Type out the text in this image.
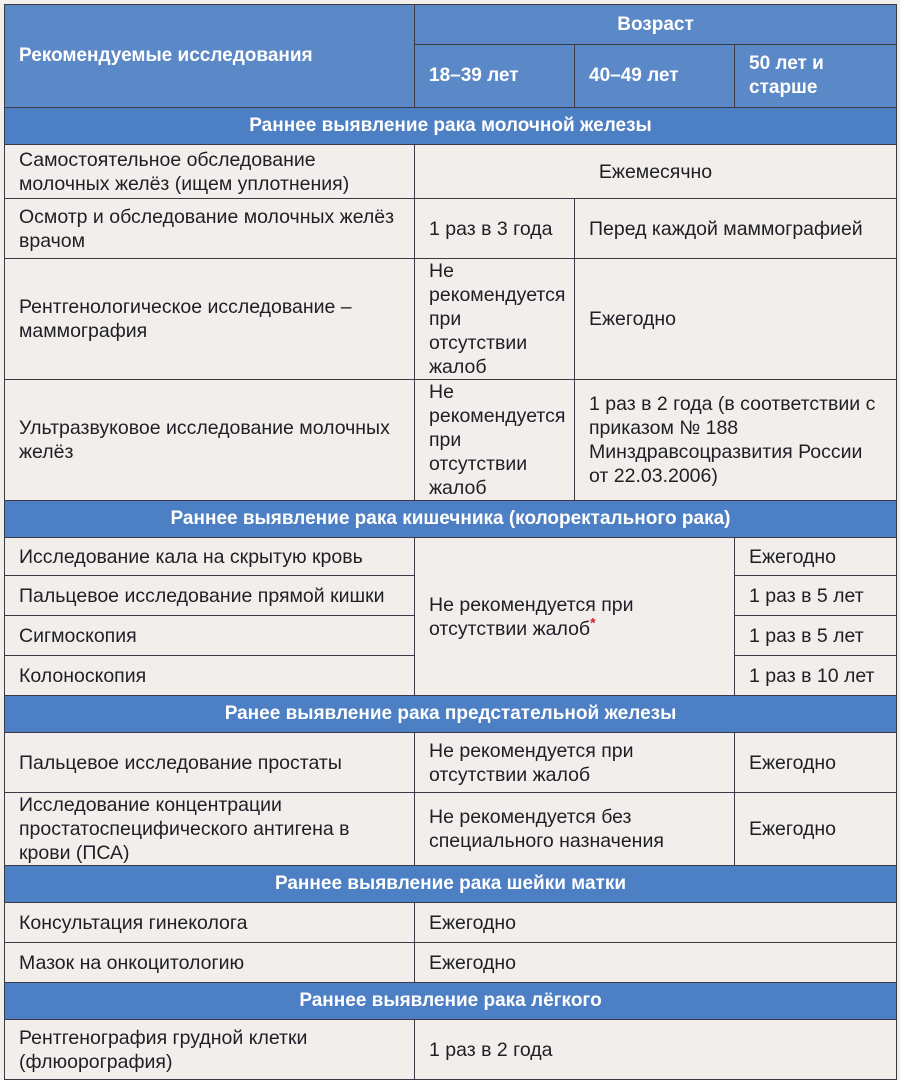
Рекомендуемые исследования	Возраст		
	18–39 лет	40–49 лет	50 лет и старше
Раннее выявление рака молочной железы			
Самостоятельное обследование молочных желёз (ищем уплотнения)	Ежемесячно		
Осмотр и обследование молочных желёз врачом	1 раз в 3 года	Перед каждой маммографией	
Рентгенологическое исследование – маммография	Не рекомендуется при отсутствии жалоб	Ежегодно	
Ультразвуковое исследование молочных желёз	Не рекомендуется при отсутствии жалоб	1 раз в 2 года (в соответствии с приказом № 188 Минздравсоцразвития России от 22.03.2006)	
Раннее выявление рака кишечника (колоректального рака)			
Исследование кала на скрытую кровь	Не рекомендуется при отсутствии жалоб*		Ежегодно
Пальцевое исследование прямой кишки			1 раз в 5 лет
Сигмоскопия			1 раз в 5 лет
Колоноскопия			1 раз в 10 лет
Ранее выявление рака предстательной железы			
Пальцевое исследование простаты	Не рекомендуется при отсутствии жалоб		Ежегодно
Исследование концентрации простатоспецифического антигена в крови (ПСА)	Не рекомендуется без специального назначения		Ежегодно
Раннее выявление рака шейки матки			
Консультация гинеколога	Ежегодно		
Мазок на онкоцитологию	Ежегодно		
Раннее выявление рака лёгкого			
Рентгенография грудной клетки (флюорография)	1 раз в 2 года		
